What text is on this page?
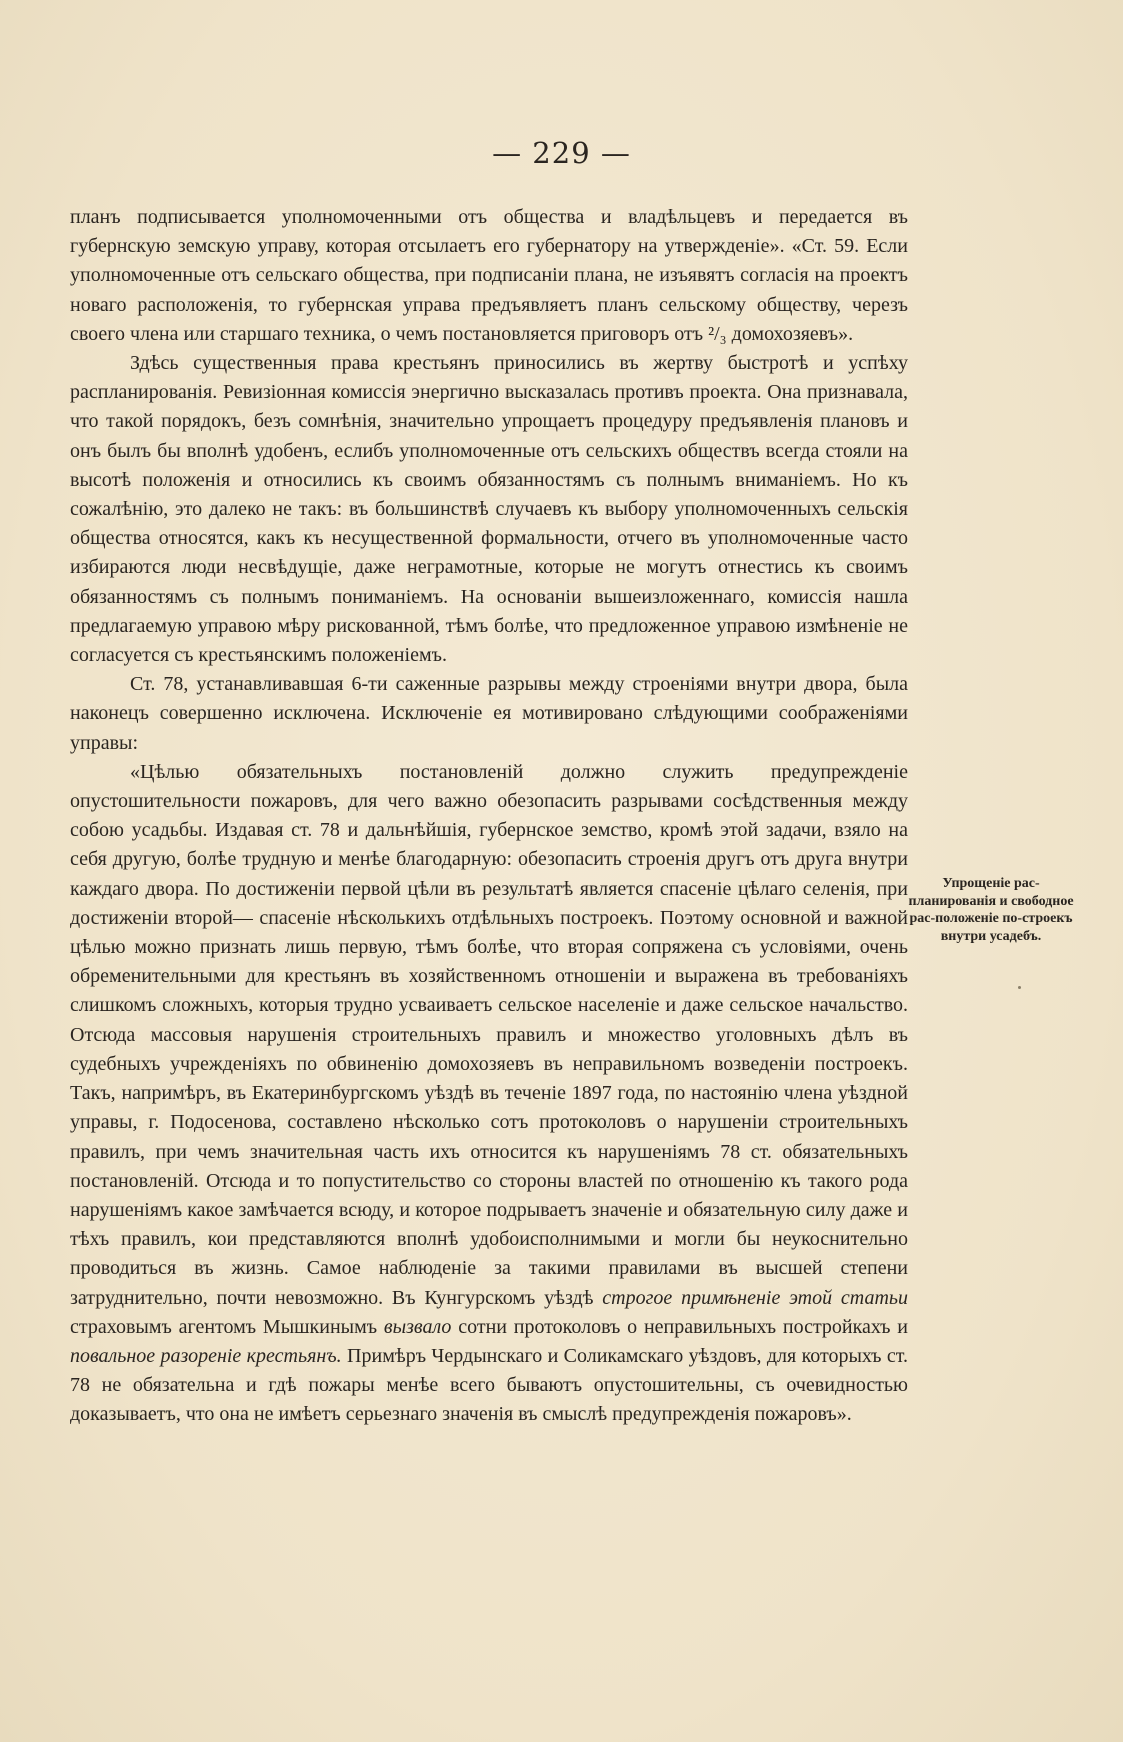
— 229 —

планъ подписывается уполномоченными отъ общества и владѣльцевъ и передается въ губернскую земскую управу, которая отсылаетъ его губернатору на утвержденіе». «Ст. 59. Если уполномоченные отъ сельскаго общества, при подписаніи плана, не изъявятъ согласія на проектъ новаго расположенія, то губернская управа предъявляетъ планъ сельскому обществу, черезъ своего члена или старшаго техника, о чемъ постановляется приговоръ отъ ²/₃ домохозяевъ».

Здѣсь существенныя права крестьянъ приносились въ жертву быстротѣ и успѣху распланированія. Ревизіонная комиссія энергично высказалась противъ проекта. Она признавала, что такой порядокъ, безъ сомнѣнія, значительно упрощаетъ процедуру предъявленія плановъ и онъ былъ бы вполнѣ удобенъ, еслибъ уполномоченные отъ сельскихъ обществъ всегда стояли на высотѣ положенія и относились къ своимъ обязанностямъ съ полнымъ вниманіемъ. Но къ сожалѣнію, это далеко не такъ: въ большинствѣ случаевъ къ выбору уполномоченныхъ сельскія общества относятся, какъ къ несущественной формальности, отчего въ уполномоченные часто избираются люди несвѣдущіе, даже неграмотные, которые не могутъ отнестись къ своимъ обязанностямъ съ полнымъ пониманіемъ. На основаніи вышеизложеннаго, комиссія нашла предлагаемую управою мѣру рискованной, тѣмъ болѣе, что предложенное управою измѣненіе не согласуется съ крестьянскимъ положеніемъ.

Ст. 78, устанавливавшая 6-ти саженные разрывы между строеніями внутри двора, была наконецъ совершенно исключена. Исключеніе ея мотивировано слѣдующими соображеніями управы:

«Цѣлью обязательныхъ постановленій должно служить предупрежденіе опустошительности пожаровъ, для чего важно обезопасить разрывами сосѣдственныя между собою усадьбы. Издавая ст. 78 и дальнѣйшія, губернское земство, кромѣ этой задачи, взяло на себя другую, болѣе трудную и менѣе благодарную: обезопасить строенія другъ отъ друга внутри каждаго двора. По достиженіи первой цѣли въ результатѣ является спасеніе цѣлаго селенія, при достиженіи второй— спасеніе нѣсколькихъ отдѣльныхъ построекъ. Поэтому основной и важной цѣлью можно признать лишь первую, тѣмъ болѣе, что вторая сопряжена съ условіями, очень обременительными для крестьянъ въ хозяйственномъ отношеніи и выражена въ требованіяхъ слишкомъ сложныхъ, которыя трудно усваиваетъ сельское населеніе и даже сельское начальство. Отсюда массовыя нарушенія строительныхъ правилъ и множество уголовныхъ дѣлъ въ судебныхъ учрежденіяхъ по обвиненію домохозяевъ въ неправильномъ возведеніи построекъ. Такъ, напримѣръ, въ Екатеринбургскомъ уѣздѣ въ теченіе 1897 года, по настоянію члена уѣздной управы, г. Подосенова, составлено нѣсколько сотъ протоколовъ о нарушеніи строительныхъ правилъ, при чемъ значительная часть ихъ относится къ нарушеніямъ 78 ст. обязательныхъ постановленій. Отсюда и то попустительство со стороны властей по отношенію къ такого рода нарушеніямъ какое замѣчается всюду, и которое подрываетъ значеніе и обязательную силу даже и тѣхъ правилъ, кои представляются вполнѣ удобоисполнимыми и могли бы неукоснительно проводиться въ жизнь. Самое наблюденіе за такими правилами въ высшей степени затруднительно, почти невозможно. Въ Кунгурскомъ уѣздѣ строгое примѣненіе этой статьи страховымъ агентомъ Мышкинымъ вызвало сотни протоколовъ о неправильныхъ постройкахъ и повальное разореніе крестьянъ. Примѣръ Чердынскаго и Соликамскаго уѣздовъ, для которыхъ ст. 78 не обязательна и гдѣ пожары менѣе всего бываютъ опустошительны, съ очевидностью доказываетъ, что она не имѣетъ серьезнаго значенія въ смыслѣ предупрежденія пожаровъ».

Упрощеніе рас-планированія и свободное рас-положеніе по-строекъ внутри усадебъ.
